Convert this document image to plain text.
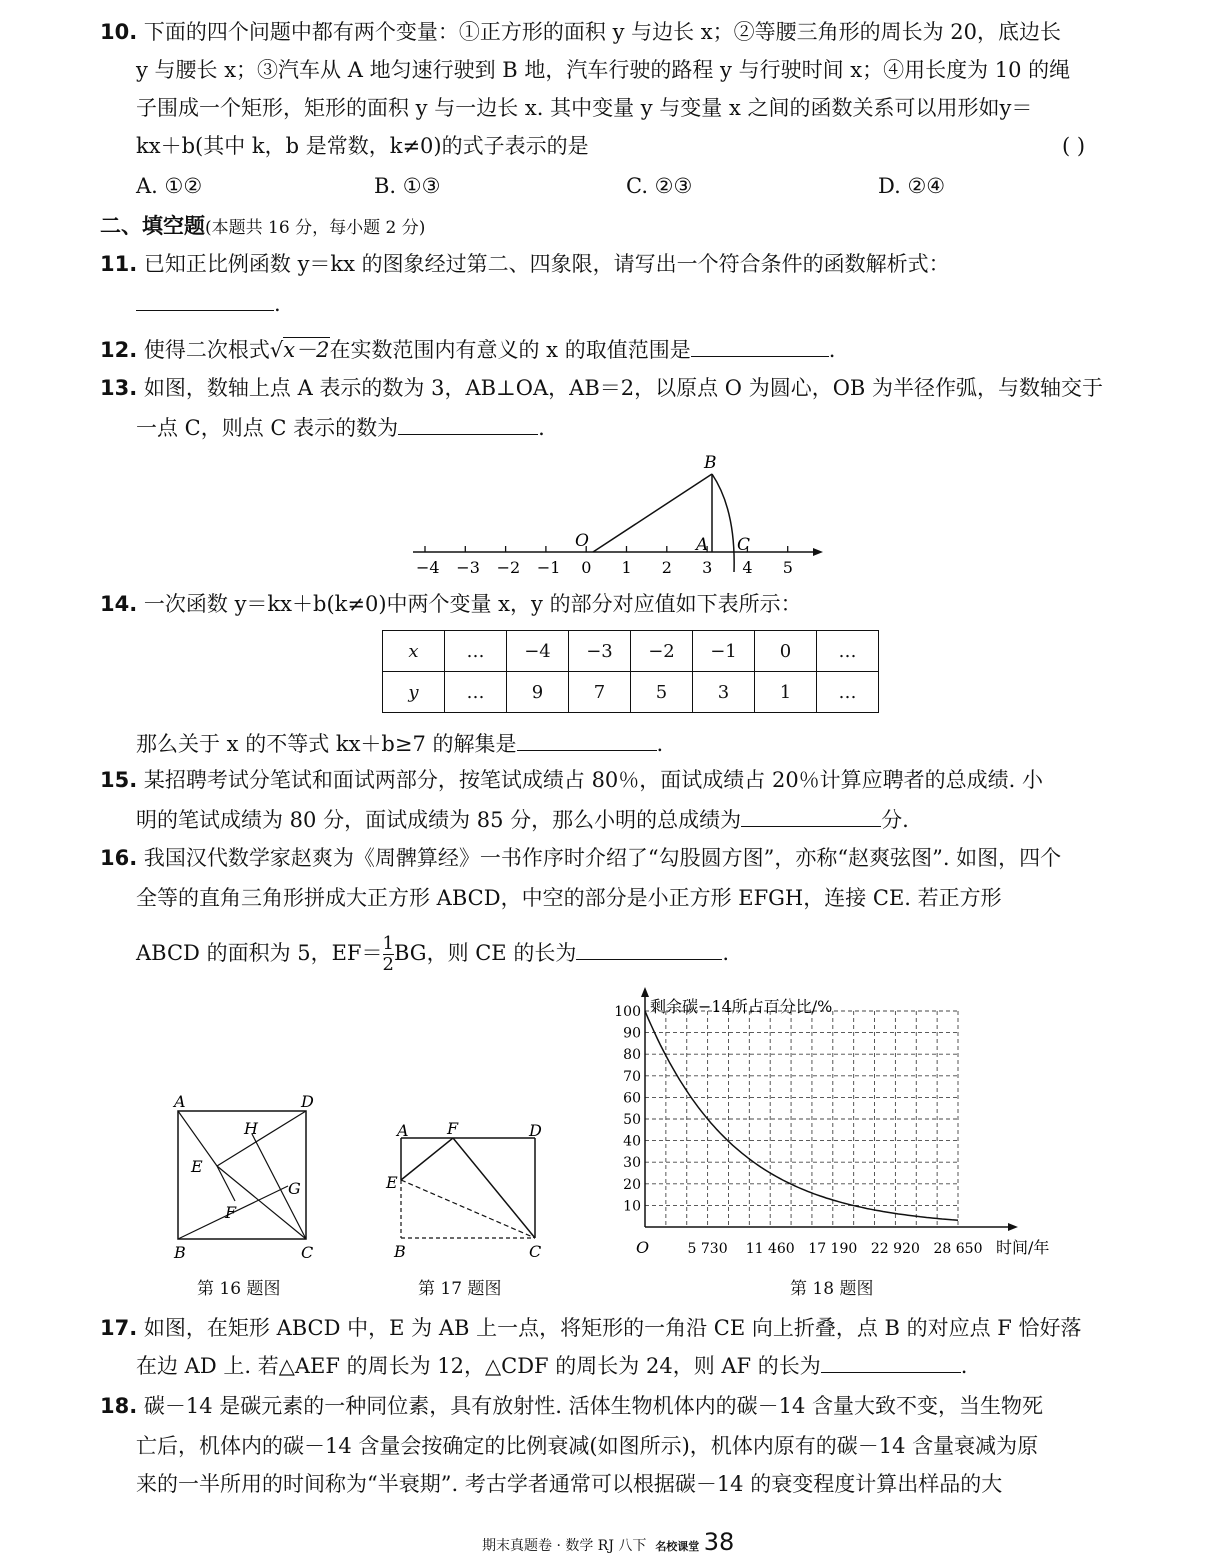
10. 下面的四个问题中都有两个变量：①正方形的面积 y 与边长 x；②等腰三角形的周长为 20，底边长
y 与腰长 x；③汽车从 A 地匀速行驶到 B 地，汽车行驶的路程 y 与行驶时间 x；④用长度为 10 的绳
子围成一个矩形，矩形的面积 y 与一边长 x. 其中变量 y 与变量 x 之间的函数关系可以用形如y＝
kx＋b(其中 k，b 是常数，k≠0)的式子表示的是	( )
A. ①②	B. ①③	C. ②③	D. ②④
二、填空题(本题共 16 分，每小题 2 分)
11. 已知正比例函数 y＝kx 的图象经过第二、四象限，请写出一个符合条件的函数解析式：
.
12. 使得二次根式√x－2在实数范围内有意义的 x 的取值范围是	.
13. 如图，数轴上点 A 表示的数为 3，AB⊥OA，AB＝2，以原点 O 为圆心，OB 为半径作弧，与数轴交于
一点 C，则点 C 表示的数为	.
−4 −3 −2 −1 0 1 2 3 4 5
O	A
B
C
14. 一次函数 y＝kx＋b(k≠0)中两个变量 x，y 的部分对应值如下表所示：
x	…	−4	−3	−2	−1	0	…
y	…	9	7	5	3	1	…
那么关于 x 的不等式 kx＋b≥7 的解集是	.
15. 某招聘考试分笔试和面试两部分，按笔试成绩占 80％，面试成绩占 20％计算应聘者的总成绩. 小
明的笔试成绩为 80 分，面试成绩为 85 分，那么小明的总成绩为	分.
16. 我国汉代数学家赵爽为《周髀算经》一书作序时介绍了“勾股圆方图”，亦称“赵爽弦图”. 如图，四个
全等的直角三角形拼成大正方形 ABCD，中空的部分是小正方形 EFGH，连接 CE. 若正方形
ABCD 的面积为 5，$EF= \frac{1}{2}$ BG，则 CE 的长为	.
A	D
H
E
G
F
B	C
第 16 题图
A F	D
E
B	C
第 17 题图
10
20
30
40
50
60
70
80
90
100
5 730 11 460 17 190 22 920 28 650
剩余碳−14所占百分比/%
时间/年
O
第 18 题图
17. 如图，在矩形 ABCD 中，E 为 AB 上一点，将矩形的一角沿 CE 向上折叠，点 B 的对应点 F 恰好落
在边 AD 上. 若△AEF 的周长为 12，△CDF 的周长为 24，则 AF 的长为	.
18. 碳－14 是碳元素的一种同位素，具有放射性. 活体生物机体内的碳－14 含量大致不变，当生物死
亡后，机体内的碳－14 含量会按确定的比例衰减(如图所示)，机体内原有的碳－14 含量衰减为原
来的一半所用的时间称为“半衰期”. 考古学者通常可以根据碳－14 的衰变程度计算出样品的大
期末真题卷 · 数学 RJ 八下 名校课堂 38
